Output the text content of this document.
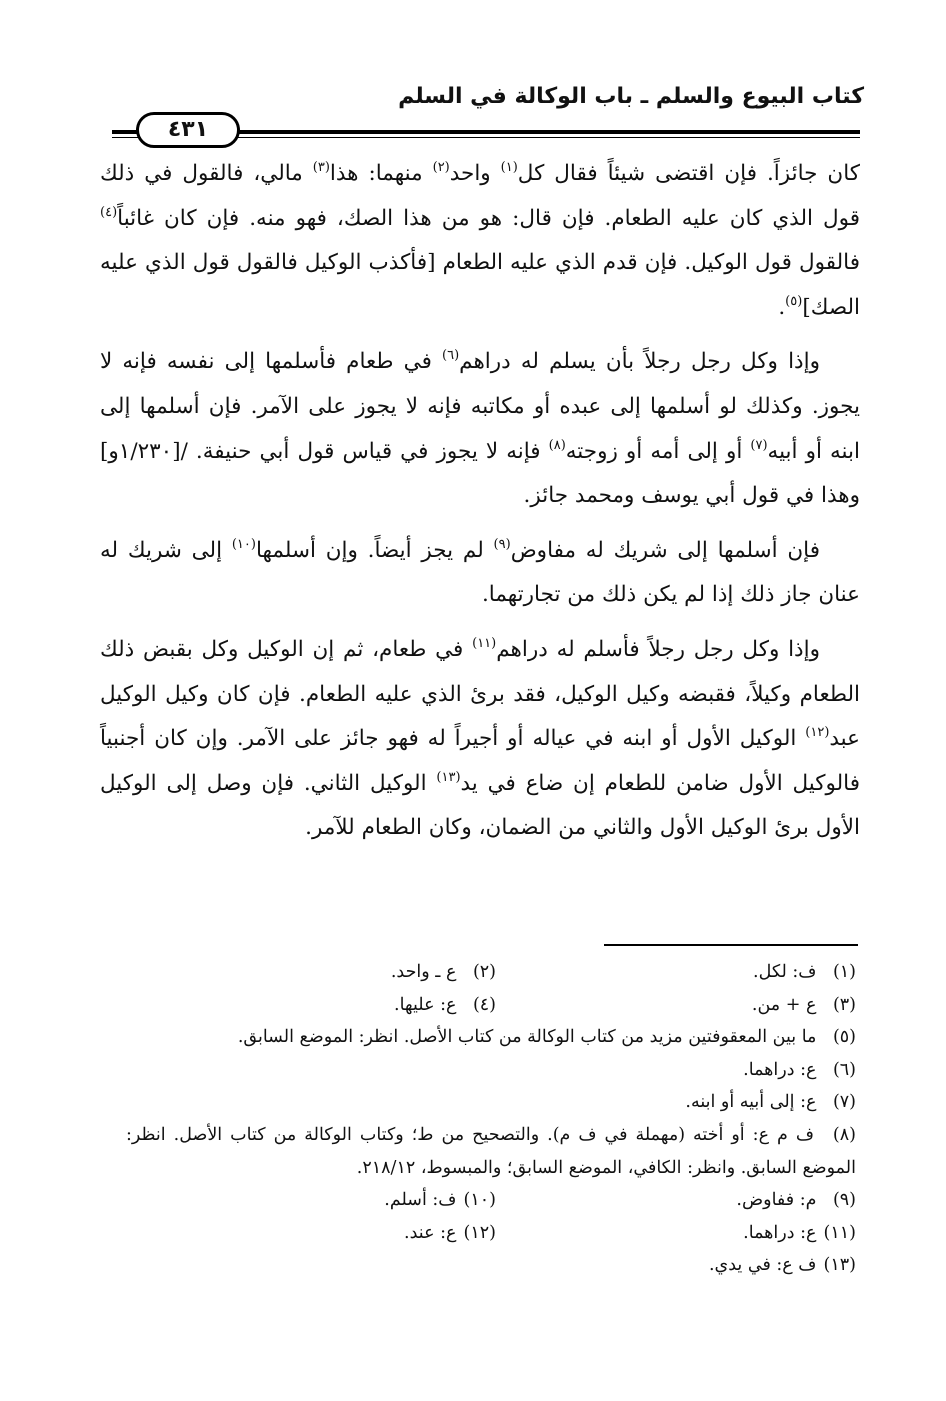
كتاب البيوع والسلم ـ باب الوكالة في السلم
٤٣١

كان جائزاً. فإن اقتضى شيئاً فقال كل$^{(١)}$ واحد$^{(٢)}$ منهما: هذا$^{(٣)}$ مالي، فالقول في ذلك قول الذي كان عليه الطعام. فإن قال: هو من هذا الصك، فهو منه. فإن كان غائباً$^{(٤)}$ فالقول قول الوكيل. فإن قدم الذي عليه الطعام [فأكذب الوكيل فالقول قول الذي عليه الصك]$^{(٥)}$.

وإذا وكل رجل رجلاً بأن يسلم له دراهم$^{(٦)}$ في طعام فأسلمها إلى نفسه فإنه لا يجوز. وكذلك لو أسلمها إلى عبده أو مكاتبه فإنه لا يجوز على الآمر. فإن أسلمها إلى ابنه أو أبيه$^{(٧)}$ أو إلى أمه أو زوجته$^{(٨)}$ فإنه لا يجوز في قياس قول أبي حنيفة. /[١/٢٣٠و] وهذا في قول أبي يوسف ومحمد جائز.

فإن أسلمها إلى شريك له مفاوض$^{(٩)}$ لم يجز أيضاً. وإن أسلمها$^{(١٠)}$ إلى شريك له عنان جاز ذلك إذا لم يكن ذلك من تجارتهما.

وإذا وكل رجل رجلاً فأسلم له دراهم$^{(١١)}$ في طعام، ثم إن الوكيل وكل بقبض ذلك الطعام وكيلاً، فقبضه وكيل الوكيل، فقد برئ الذي عليه الطعام. فإن كان وكيل الوكيل عبد$^{(١٢)}$ الوكيل الأول أو ابنه في عياله أو أجيراً له فهو جائز على الآمر. وإن كان أجنبياً فالوكيل الأول ضامن للطعام إن ضاع في يد$^{(١٣)}$ الوكيل الثاني. فإن وصل إلى الوكيل الأول برئ الوكيل الأول والثاني من الضمان، وكان الطعام للآمر.

(١) ف: لكل.
(٢) ع ـ واحد.
(٣) ع + من.
(٤) ع: عليها.
(٥) ما بين المعقوفتين مزيد من كتاب الوكالة من كتاب الأصل. انظر: الموضع السابق.
(٦) ع: دراهما.
(٧) ع: إلى أبيه أو ابنه.
(٨) ف م ع: أو أخته (مهملة في ف م). والتصحيح من ط؛ وكتاب الوكالة من كتاب الأصل. انظر: الموضع السابق. وانظر: الكافي، الموضع السابق؛ والمبسوط، ٢١٨/١٢.
(٩) م: ففاوض.
(١٠) ف: أسلم.
(١١) ع: دراهما.
(١٢) ع: عند.
(١٣) ف ع: في يدي.
